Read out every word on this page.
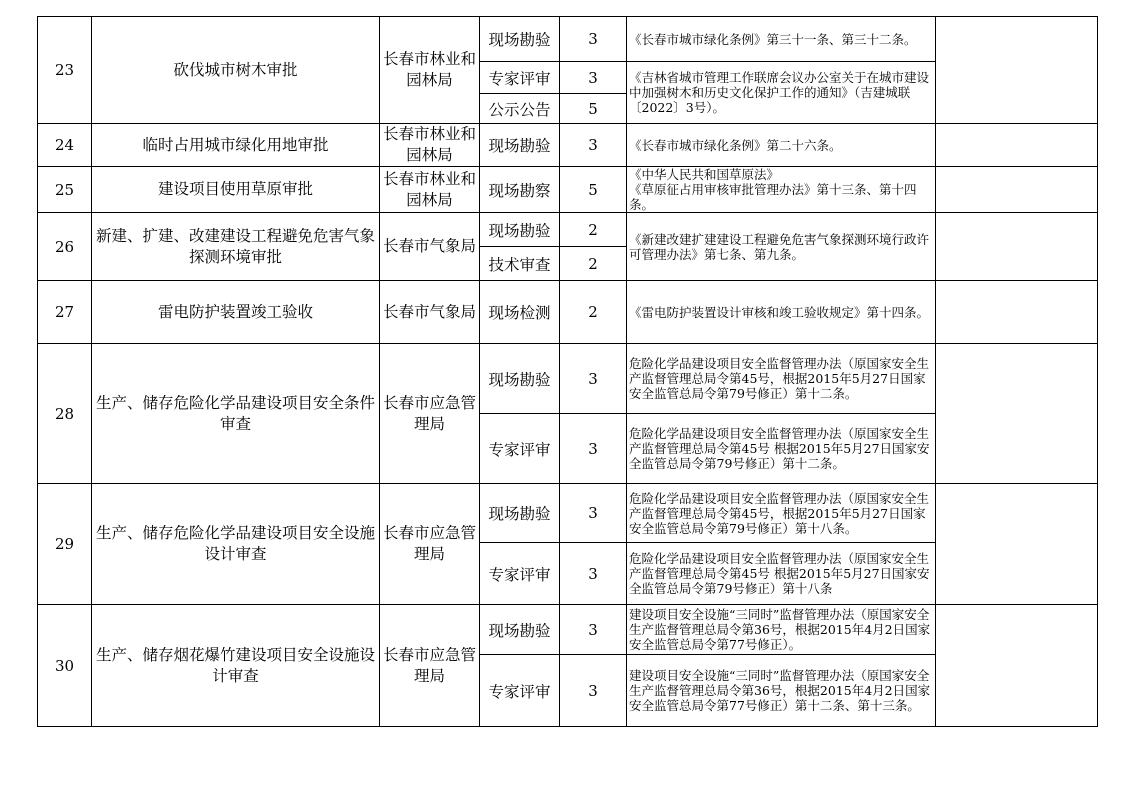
23	砍伐城市树木审批	长春市林业和园林局	现场勘验	3	《长春市城市绿化条例》第三十一条、第三十二条。	
			专家评审	3	《吉林省城市管理工作联席会议办公室关于在城市建设中加强树木和历史文化保护工作的通知》（吉建城联〔2022〕3号）。	
			公示公告	5		
24	临时占用城市绿化用地审批	长春市林业和园林局	现场勘验	3	《长春市城市绿化条例》第二十六条。	
25	建设项目使用草原审批	长春市林业和园林局	现场勘察	5	《中华人民共和国草原法》
《草原征占用审核审批管理办法》第十三条、第十四条。	
26	新建、扩建、改建建设工程避免危害气象探测环境审批	长春市气象局	现场勘验	2	《新建改建扩建建设工程避免危害气象探测环境行政许可管理办法》第七条、第九条。	
			技术审查	2		
27	雷电防护装置竣工验收	长春市气象局	现场检测	2	《雷电防护装置设计审核和竣工验收规定》第十四条。	
28	生产、储存危险化学品建设项目安全条件审查	长春市应急管理局	现场勘验	3	危险化学品建设项目安全监督管理办法（原国家安全生产监督管理总局令第45号，根据2015年5月27日国家安全监管总局令第79号修正）第十二条。	
			专家评审	3	危险化学品建设项目安全监督管理办法（原国家安全生产监督管理总局令第45号 根据2015年5月27日国家安全监管总局令第79号修正）第十二条。	
29	生产、储存危险化学品建设项目安全设施设计审查	长春市应急管理局	现场勘验	3	危险化学品建设项目安全监督管理办法（原国家安全生产监督管理总局令第45号，根据2015年5月27日国家安全监管总局令第79号修正）第十八条。	
			专家评审	3	危险化学品建设项目安全监督管理办法（原国家安全生产监督管理总局令第45号 根据2015年5月27日国家安全监管总局令第79号修正）第十八条	
30	生产、储存烟花爆竹建设项目安全设施设计审查	长春市应急管理局	现场勘验	3	建设项目安全设施“三同时”监督管理办法（原国家安全生产监督管理总局令第36号，根据2015年4月2日国家安全监管总局令第77号修正）。	
			专家评审	3	建设项目安全设施“三同时”监督管理办法（原国家安全生产监督管理总局令第36号，根据2015年4月2日国家安全监管总局令第77号修正）第十二条、第十三条。	
